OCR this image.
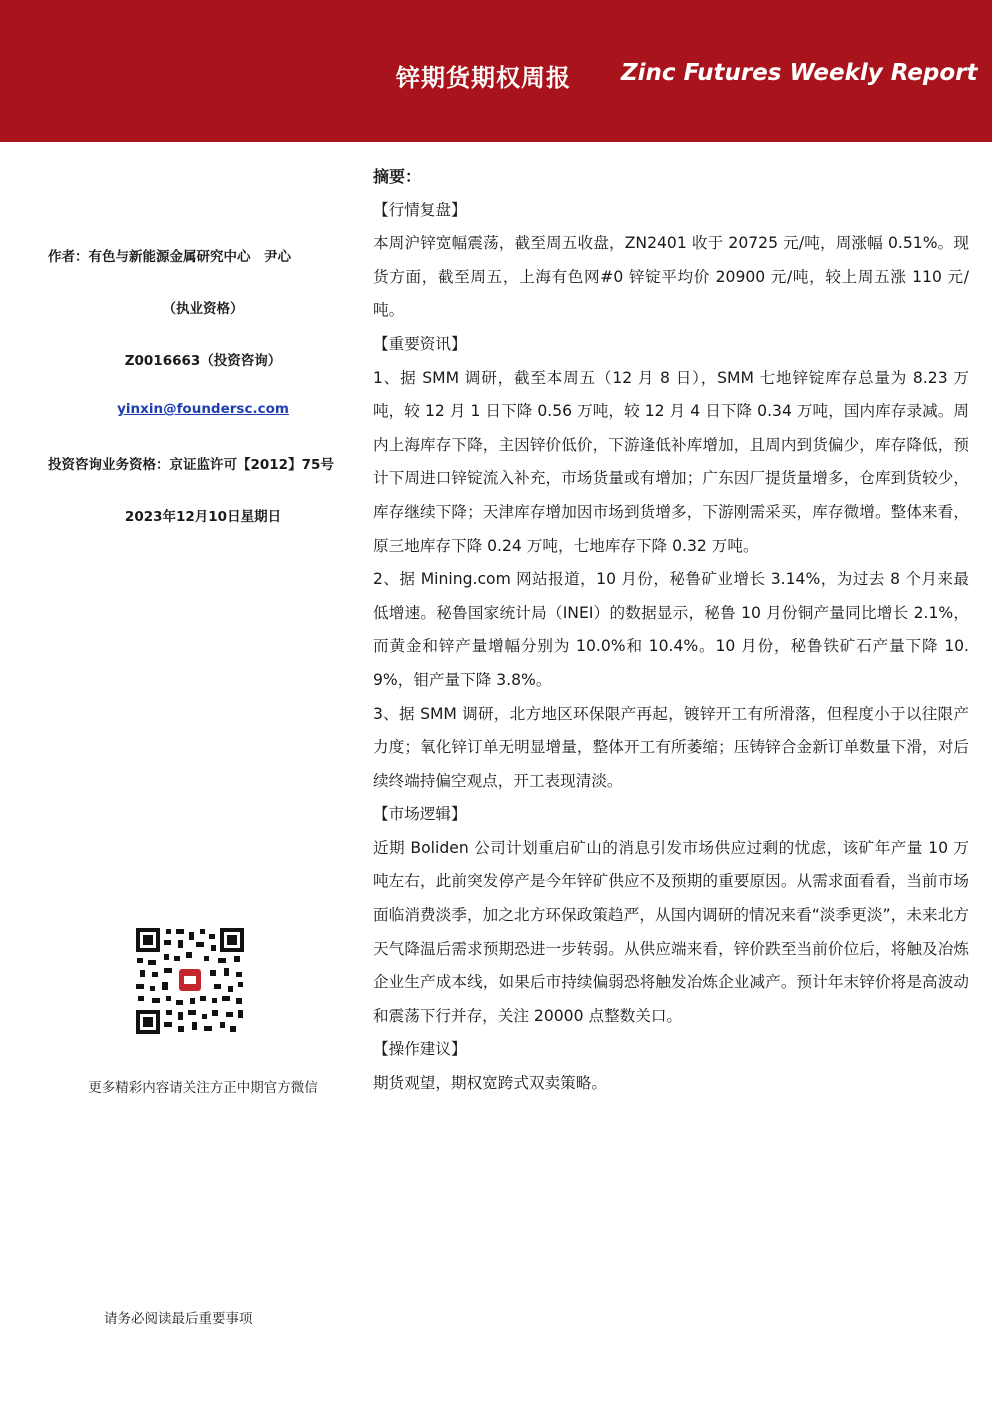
锌期货期权周报 Zinc Futures Weekly Report
作者：有色与新能源金属研究中心　尹心
（执业资格）
Z0016663（投资咨询）
yinxin@foundersc.com
投资咨询业务资格：京证监许可【2012】75号
2023年12月10日星期日
更多精彩内容请关注方正中期官方微信
请务必阅读最后重要事项

摘要：

【行情复盘】

本周沪锌宽幅震荡，截至周五收盘，ZN2401 收于 20725 元/吨，周涨幅 0.51%。现货方面，截至周五，上海有色网#0 锌锭平均价 20900 元/吨，较上周五涨 110 元/吨。

【重要资讯】

1、据 SMM 调研，截至本周五（12 月 8 日），SMM 七地锌锭库存总量为 8.23 万吨，较 12 月 1 日下降 0.56 万吨，较 12 月 4 日下降 0.34 万吨，国内库存录减。周内上海库存下降，主因锌价低价，下游逢低补库增加，且周内到货偏少，库存降低，预计下周进口锌锭流入补充，市场货量或有增加；广东因厂提货量增多，仓库到货较少，库存继续下降；天津库存增加因市场到货增多，下游刚需采买，库存微增。整体来看，原三地库存下降 0.24 万吨，七地库存下降 0.32 万吨。

2、据 Mining.com 网站报道，10 月份，秘鲁矿业增长 3.14%，为过去 8 个月来最低增速。秘鲁国家统计局（INEI）的数据显示，秘鲁 10 月份铜产量同比增长 2.1%，而黄金和锌产量增幅分别为 10.0%和 10.4%。10 月份，秘鲁铁矿石产量下降 10.9%，钼产量下降 3.8%。

3、据 SMM 调研，北方地区环保限产再起，镀锌开工有所滑落，但程度小于以往限产力度；氧化锌订单无明显增量，整体开工有所萎缩；压铸锌合金新订单数量下滑，对后续终端持偏空观点，开工表现清淡。

【市场逻辑】

近期 Boliden 公司计划重启矿山的消息引发市场供应过剩的忧虑，该矿年产量 10 万吨左右，此前突发停产是今年锌矿供应不及预期的重要原因。从需求面看看，当前市场面临消费淡季，加之北方环保政策趋严，从国内调研的情况来看“淡季更淡”，未来北方天气降温后需求预期恐进一步转弱。从供应端来看，锌价跌至当前价位后，将触及冶炼企业生产成本线，如果后市持续偏弱恐将触发冶炼企业减产。预计年末锌价将是高波动和震荡下行并存，关注 20000 点整数关口。

【操作建议】

期货观望，期权宽跨式双卖策略。
